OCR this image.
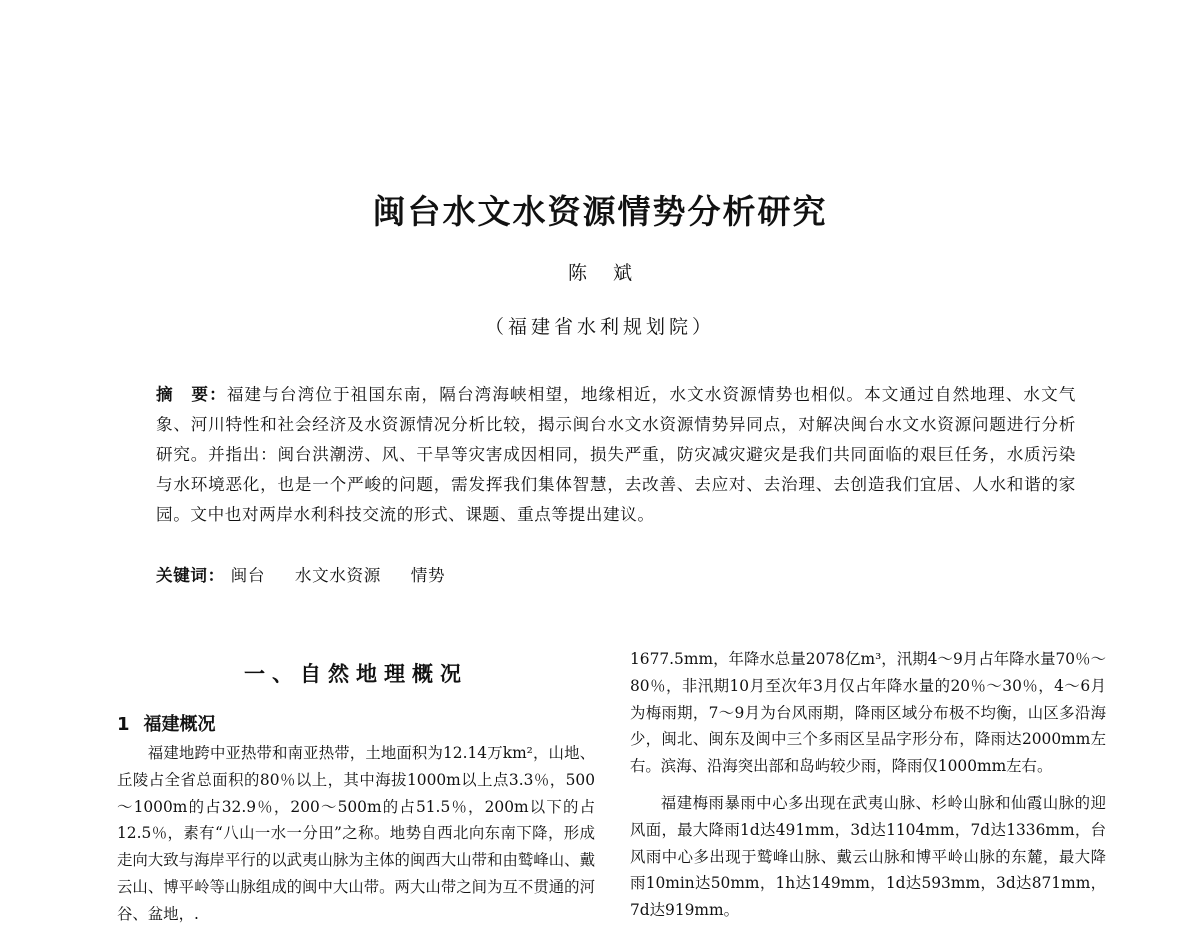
闽台水文水资源情势分析研究
陈斌
（福建省水利规划院）
摘　要：福建与台湾位于祖国东南，隔台湾海峡相望，地缘相近，水文水资源情势也相似。本文通过自然地理、水文气象、河川特性和社会经济及水资源情况分析比较，揭示闽台水文水资源情势异同点，对解决闽台水文水资源问题进行分析研究。并指出：闽台洪潮涝、风、干旱等灾害成因相同，损失严重，防灾减灾避灾是我们共同面临的艰巨任务，水质污染与水环境恶化，也是一个严峻的问题，需发挥我们集体智慧，去改善、去应对、去治理、去创造我们宜居、人水和谐的家园。文中也对两岸水利科技交流的形式、课题、重点等提出建议。
关键词： 闽台 水文水资源 情势
一、自然地理概况
1 福建概况

福建地跨中亚热带和南亚热带，土地面积为12.14万km²，山地、丘陵占全省总面积的80％以上，其中海拔1000m以上点3.3％，500～1000m的占32.9％，200～500m的占51.5％，200m以下的占12.5％，素有“八山一水一分田”之称。地势自西北向东南下降，形成走向大致与海岸平行的以武夷山脉为主体的闽西大山带和由鹫峰山、戴云山、博平岭等山脉组成的闽中大山带。两大山带之间为互不贯通的河谷、盆地，.

1677.5mm，年降水总量2078亿m³，汛期4～9月占年降水量70％～80％，非汛期10月至次年3月仅占年降水量的20％～30％，4～6月为梅雨期，7～9月为台风雨期，降雨区域分布极不均衡，山区多沿海少，闽北、闽东及闽中三个多雨区呈品字形分布，降雨达2000mm左右。滨海、沿海突出部和岛屿较少雨，降雨仅1000mm左右。

福建梅雨暴雨中心多出现在武夷山脉、杉岭山脉和仙霞山脉的迎风面，最大降雨1d达491mm，3d达1104mm，7d达1336mm，台风雨中心多出现于鹫峰山脉、戴云山脉和博平岭山脉的东麓，最大降雨10min达50mm，1h达149mm，1d达593mm，3d达871mm，7d达919mm。
